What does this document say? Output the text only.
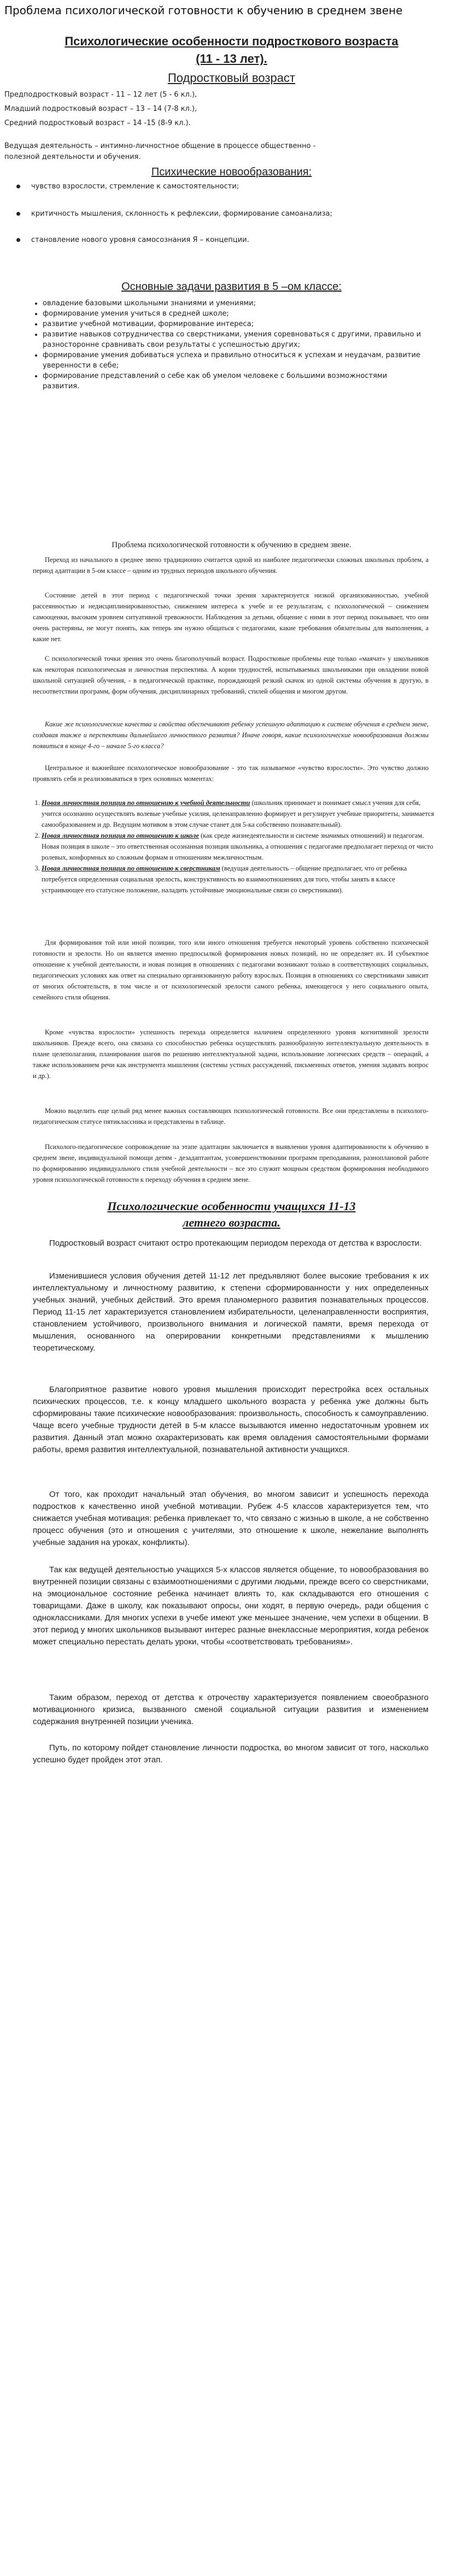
Проблема психологической готовности к обучению в среднем звене
Психологические особенности подросткового возраста
(11 - 13 лет).
Подростковый возраст
Предподростковый возраст - 11 – 12 лет (5 - 6 кл.),
Младший подростковый возраст – 13 – 14 (7-8 кл.),
Средний подростковый возраст – 14 -15 (8-9 кл.).
Ведущая деятельность – интимно-личностное общение в процессе общественно -
полезной деятельности и обучения.
Психические новообразования:
чувство взрослости, стремление к самостоятельности;
критичность мышления, склонность к рефлексии, формирование самоанализа;
становление нового уровня самосознания Я – концепции.
Основные задачи развития в 5 –ом классе:
• овладение базовыми школьными знаниями и умениями;
• формирование умения учиться в средней школе;
• развитие учебной мотивации, формирование интереса;
• развитие навыков сотрудничества со сверстниками, умения соревноваться с другими, правильно и разносторонне сравнивать свои результаты с успешностью других;
• формирование умения добиваться успеха и правильно относиться к успехам и неудачам, развитие уверенности в себе;
• формирование представлений о себе как об умелом человеке с большими возможностями развития.
Проблема психологической готовности к обучению в среднем звене.
Переход из начального в среднее звено традиционно считается одной из наиболее педагогически сложных школьных проблем, а период адаптации в 5-ом классе – одним из трудных периодов школьного обучения.
Состояние детей в этот период с педагогической точки зрения характеризуется низкой организованностью, учебной рассеянностью и недисциплинированностью, снижением интереса к учебе и ее результатам, с психологической – снижением самооценки, высоким уровнем ситуативной тревожности. Наблюдения за детьми, общение с ними в этот период показывает, что они очень растеряны, не могут понять, как теперь им нужно общаться с педагогами, какие требования обязательны для выполнения, а какие нет.
С психологической точки зрения это очень благополучный возраст. Подростковые проблемы еще только «маячат» у школьников как некоторая психологическая и личностная перспектива. А корни трудностей, испытываемых школьниками при овладении новой школьной ситуацией обучения, - в педагогической практике, порождающей резкий скачок из одной системы обучения в другую, в несоответствии программ, форм обучения, дисциплинарных требований, стилей общения и многом другом.
Какие же психологические качества и свойства обеспечивают ребенку успешную адаптацию к системе обучения в среднем звене, создавая также и перспективы дальнейшего личностного развития? Иначе говоря, какие психологические новообразования должны появиться в конце 4-го – начале 5-го класса?
Центральное и важнейшее психологическое новообразование - это так называемое «чувство взрослости». Это чувство должно проявлять себя и реализовываться в трех основных моментах:
1. Новая личностная позиция по отношению к учебной деятельности (школьник принимает и понимает смысл учения для себя, учится осознанно осуществлять волевые учебные усилия, целенаправленно формирует и регулирует учебные приоритеты, занимается самообразованием и др. Ведущим мотивом в этом случае станет для 5-ка собственно познавательный).
2. Новая личностная позиция по отношению к школе (как среде жизнедеятельности и системе значимых отношений) и педагогам. Новая позиция в школе – это ответственная осознанная позиция школьника, а отношения с педагогами предполагает переход от чисто ролевых, конформных ко сложным формам и отношениям межличностным.
3. Новая личностная позиция по отношению к сверстникам (ведущая деятельность – общение предполагает, что от ребенка потребуется определенная социальная зрелость, конструктивность во взаимоотношениях для того, чтобы занять в классе устраивающее его статусное положение, наладить устойчивые эмоциональные связи со сверстниками).
Для формирования той или иной позиции, того или иного отношения требуется некоторый уровень собственно психической готовности и зрелости. Но он является именно предпосылкой формирования новых позиций, но не определяет их. И субъектное отношение к учебной деятельности, и новая позиция в отношениях с педагогами возникают только в соответствующих социальных, педагогических условиях как ответ на специально организованную работу взрослых. Позиция в отношениях со сверстниками зависит от многих обстоятельств, в том числе и от психологической зрелости самого ребенка, имеющегося у него социального опыта, семейного стиля общения.
Кроме «чувства взрослости» успешность перехода определяется наличием определенного уровня когнитивной зрелости школьников. Прежде всего, она связана со способностью ребенка осуществлять разнообразную интеллектуальную деятельность в плане целеполагания, планирования шагов по решению интеллектуальной задачи, использование логических средств – операций, а также использованием речи как инструмента мышления (системы устных рассуждений, письменных ответов, умения задавать вопрос и др.).
Можно выделить еще целый ряд менее важных составляющих психологической готовности. Все они представлены в психолого-педагогическом статусе пятиклассника и представлены в таблице.
Психолого-педагогическое сопровождение на этапе адаптации заключается в выявлении уровня адаптированности к обучению в среднем звене, индивидуальной помощи детям - дезадаптантам, усовершенствовании программ преподавания, разноплановой работе по формированию индивидуального стиля учебной деятельности – все это служит мощным средством формирования необходимого уровня психологической готовности к переходу обучения в среднем звене.
Психологические особенности учащихся 11-13
летнего возраста.
Подростковый возраст считают остро протекающим периодом перехода от детства к взрослости.
Изменившиеся условия обучения детей 11-12 лет предъявляют более высокие требования к их интеллектуальному и личностному развитию, к степени сформированности у них определенных учебных знаний, учебных действий. Это время планомерного развития познавательных процессов. Период 11-15 лет характеризуется становлением избирательности, целенаправленности восприятия, становлением устойчивого, произвольного внимания и логической памяти, время перехода от мышления, основанного на оперировании конкретными представлениями к мышлению теоретическому.
Благоприятное развитие нового уровня мышления происходит перестройка всех остальных психических процессов, т.е. к концу младшего школьного возраста у ребенка уже должны быть сформированы такие психические новообразования: произвольность, способность к самоуправлению. Чаще всего учебные трудности детей в 5-м классе вызываются именно недостаточным уровнем их развития. Данный этап можно охарактеризовать как время овладения самостоятельными формами работы, время развития интеллектуальной, познавательной активности учащихся.
От того, как проходит начальный этап обучения, во многом зависит и успешность перехода подростков к качественно иной учебной мотивации. Рубеж 4-5 классов характеризуется тем, что снижается учебная мотивация: ребенка привлекает то, что связано с жизнью в школе, а не собственно процесс обучения (это и отношения с учителями, это отношение к школе, нежелание выполнять учебные задания на уроках, конфликты).
Так как ведущей деятельностью учащихся 5-х классов является общение, то новообразования во внутренней позиции связаны с взаимоотношениями с другими людьми, прежде всего со сверстниками, на эмоциональное состояние ребенка начинает влиять то, как складываются его отношения с товарищами. Даже в школу, как показывают опросы, они ходят, в первую очередь, ради общения с одноклассниками. Для многих успехи в учебе имеют уже меньшее значение, чем успехи в общении. В этот период у многих школьников вызывают интерес разные внеклассные мероприятия, когда ребенок может специально перестать делать уроки, чтобы «соответствовать требованиям».
Таким образом, переход от детства к отрочеству характеризуется появлением своеобразного мотивационного кризиса, вызванного сменой социальной ситуации развития и изменением содержания внутренней позиции ученика.
Путь, по которому пойдет становление личности подростка, во многом зависит от того, насколько успешно будет пройден этот этап.
